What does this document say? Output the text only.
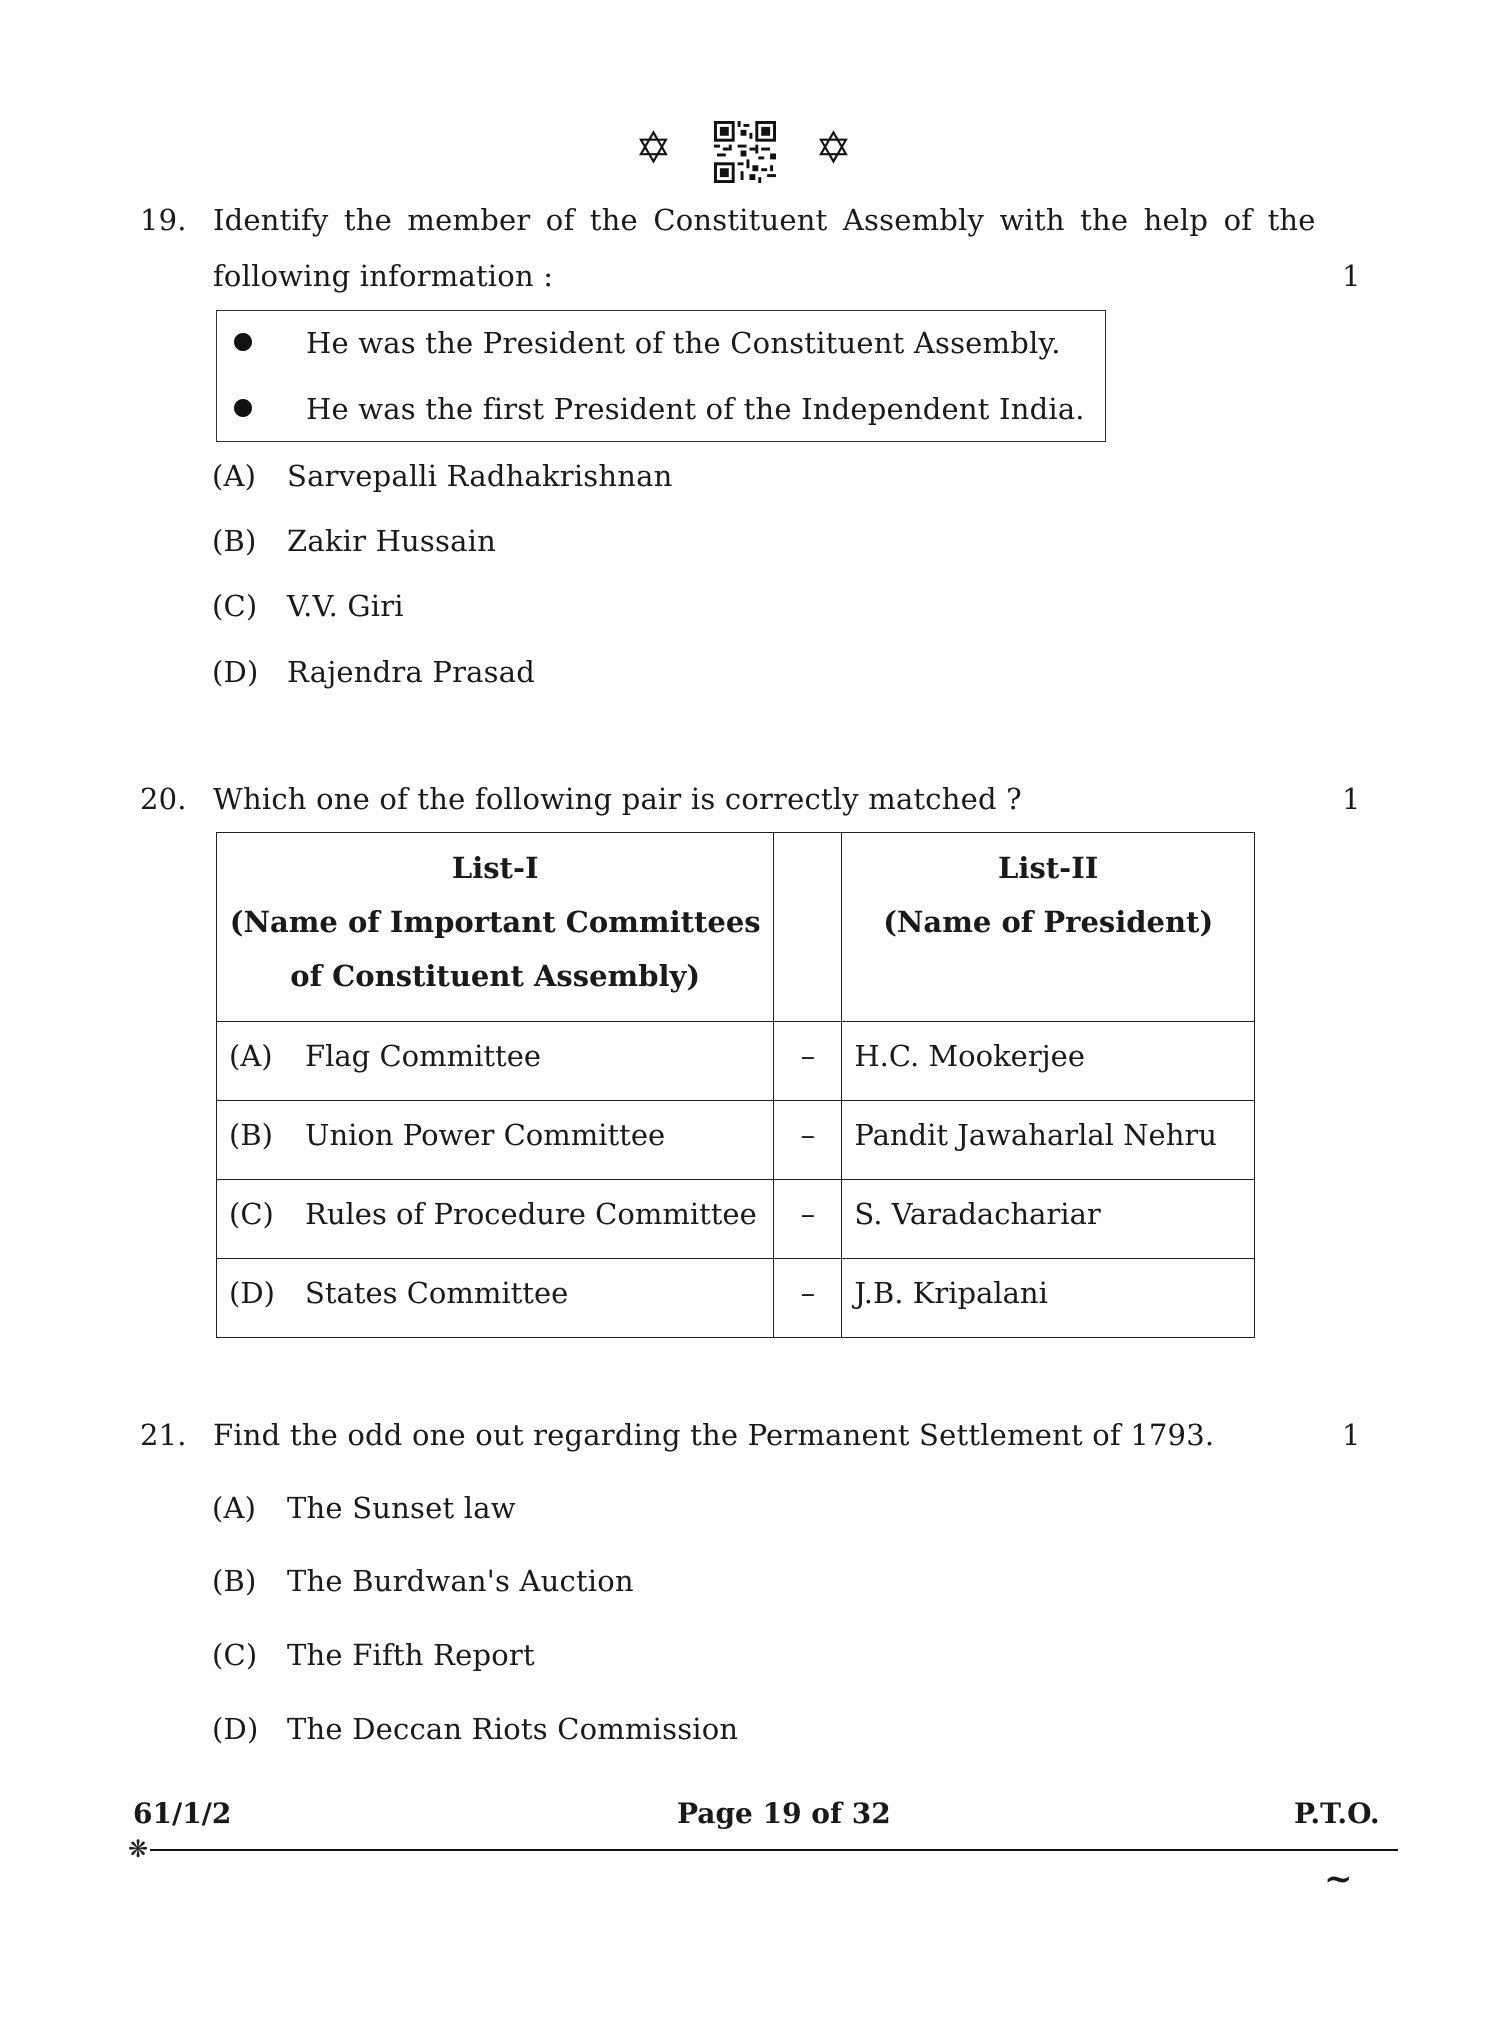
✡	✡
19. Identify the member of the Constituent Assembly with the help of the
following information :	1
He was the President of the Constituent Assembly.
He was the first President of the Independent India.
(A) Sarvepalli Radhakrishnan
(B) Zakir Hussain
(C) V.V. Giri
(D) Rajendra Prasad
20. Which one of the following pair is correctly matched ?	1
List-I
(Name of Important Committees
of Constituent Assembly)		List-II
(Name of President)

(A) Flag Committee	–	H.C. Mookerjee

(B) Union Power Committee	–	Pandit Jawaharlal Nehru

(C) Rules of Procedure Committee	–	S. Varadachariar

(D) States Committee	–	J.B. Kripalani
21. Find the odd one out regarding the Permanent Settlement of 1793.	1
(A) The Sunset law
(B) The Burdwan's Auction
(C) The Fifth Report
(D) The Deccan Riots Commission
61/1/2	Page 19 of 32	P.T.O.
❋
~
